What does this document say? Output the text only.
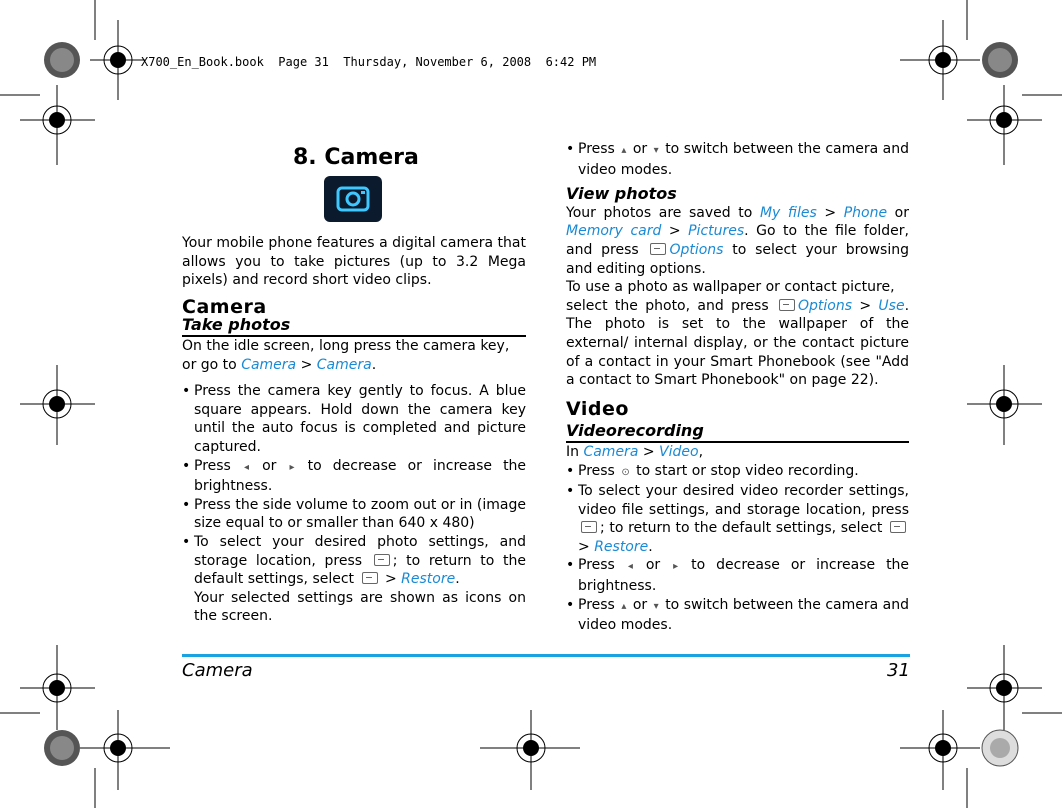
X700_En_Book.book  Page 31  Thursday, November 6, 2008  6:42 PM
8. Camera

Your mobile phone features a digital camera that allows you to take pictures (up to 3.2 Mega pixels) and record short video clips.

Camera
Take photos

On the idle screen, long press the camera key, or go to Camera > Camera.

• Press the camera key gently to focus. A blue square appears. Hold down the camera key until the auto focus is completed and picture captured.
• Press ◂ or ▸ to decrease or increase the brightness.
• Press the side volume to zoom out or in (image size equal to or smaller than 640 x 480)
• To select your desired photo settings, and storage location, press ; to return to the default settings, select  > Restore.
Your selected settings are shown as icons on the screen.
• Press ▴ or ▾ to switch between the camera and video modes.
View photos

Your photos are saved to My files > Phone or Memory card > Pictures. Go to the file folder, and press Options to select your browsing and editing options.

To use a photo as wallpaper or contact picture,

select the photo, and press Options > Use. The photo is set to the wallpaper of the external/ internal display, or the contact picture of a contact in your Smart Phonebook (see "Add a contact to Smart Phonebook" on page 22).

Video
Videorecording

In Camera > Video,

• Press ⊙ to start or stop video recording.
• To select your desired video recorder settings, video file settings, and storage location, press ; to return to the default settings, select  > Restore.
• Press ◂ or ▸ to decrease or increase the brightness.
• Press ▴ or ▾ to switch between the camera and video modes.
Camera	31
